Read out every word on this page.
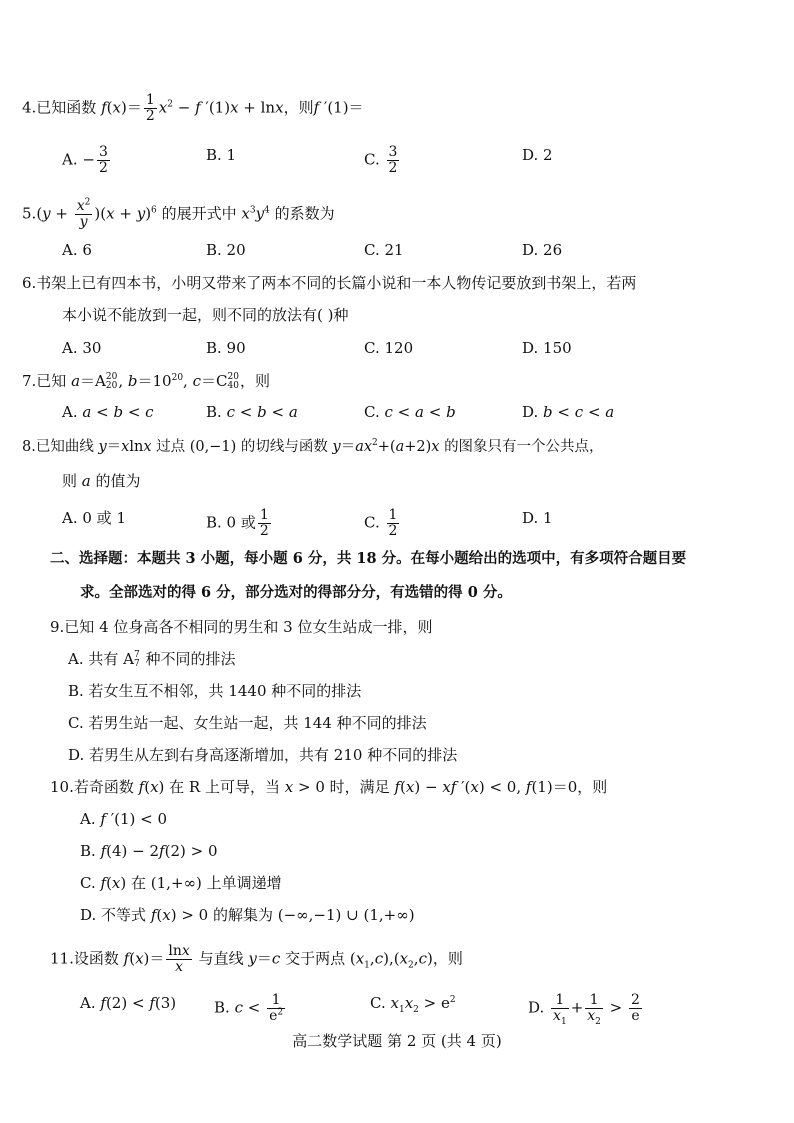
4.已知函数 $f(x)= \frac{1}{2} x^2 - f$ ′(1)x + lnx，则f ′(1)＝
A. − $\frac{3}{2}$	B. 1	C. $\frac{3}{2}$	D. 2
$5.(y + \frac{x^2}{y} )(x + y)^6$ 的展开式中 $x^3y^4$ 的系数为
A. 6	B. 20	C. 21	D. 26
6.书架上已有四本书，小明又带来了两本不同的长篇小说和一本人物传记要放到书架上，若两
本小说不能放到一起，则不同的放法有( )种
A. 30	B. 90	C. 120	D. 150
7.已知 a＝A 20
20 , $b=10^{20}$, c＝C 20
40 ，则
A. a < b < c	B. c < b < a	C. c < a < b	D. b < c < a
8.已知曲线 y＝xlnx 过点 (0,−1) 的切线与函数 $y=ax^2+(a+2)x$ 的图象只有一个公共点，
则 a 的值为
A. 0 或 1	B. 0 或 $\frac{1}{2}$	C. $\frac{1}{2}$	D. 1
二、选择题：本题共 3 小题，每小题 6 分，共 18 分。在每小题给出的选项中，有多项符合题目要
求。全部选对的得 6 分，部分选对的得部分分，有选错的得 0 分。
9.已知 4 位身高各不相同的男生和 3 位女生站成一排，则
A. 共有 A 7
7 种不同的排法
B. 若女生互不相邻，共 1440 种不同的排法
C. 若男生站一起、女生站一起，共 144 种不同的排法
D. 若男生从左到右身高逐渐增加，共有 210 种不同的排法
10.若奇函数 f(x) 在 R 上可导，当 x > 0 时，满足 f(x) − xf ′(x) < 0, f(1)＝0，则
A. f ′(1) < 0
B. f(4) − 2f(2) > 0
C. f(x) 在 (1,+∞) 上单调递增
D. 不等式 f(x) > 0 的解集为 (−∞,−1) ∪ (1,+∞)
11.设函数 $f(x)= \frac{\ln x}{x}$ 与直线 y＝c 交于两点 $(x_1,c),(x_2,c)$，则
A. f(2) < f(3)	B. $c < \frac{1}{e^2}$	C. $x_1x_2 > e^2$	D. $\frac{1}{x_1} + \frac{1}{x_2} > \frac{2}{e}$
高二数学试题 第 2 页 (共 4 页)
